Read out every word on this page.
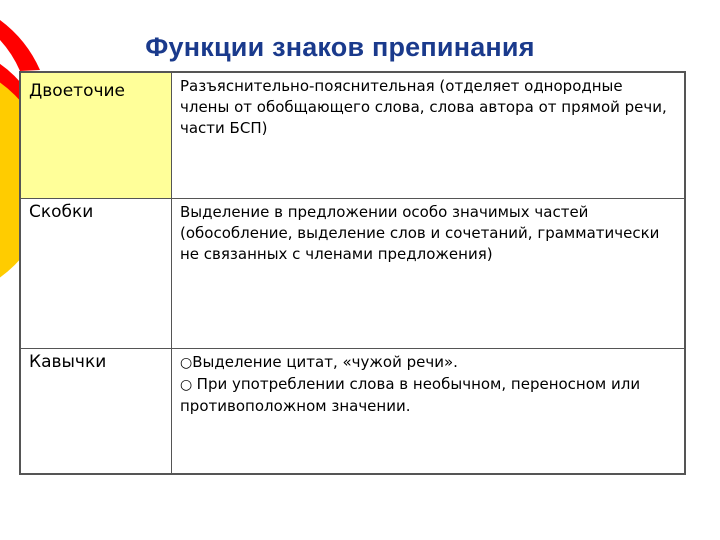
Функции знаков препинания
Двоеточие	Разъяснительно-пояснительная (отделяет однородные члены от обобщающего слова, слова автора от прямой речи, части БСП)
Скобки	Выделение в предложении особо значимых частей (обособление, выделение слов и сочетаний, грамматически не связанных с членами предложения)
Кавычки	○Выделение цитат, «чужой речи».
○ При употреблении слова в необычном, переносном или противоположном значении.
